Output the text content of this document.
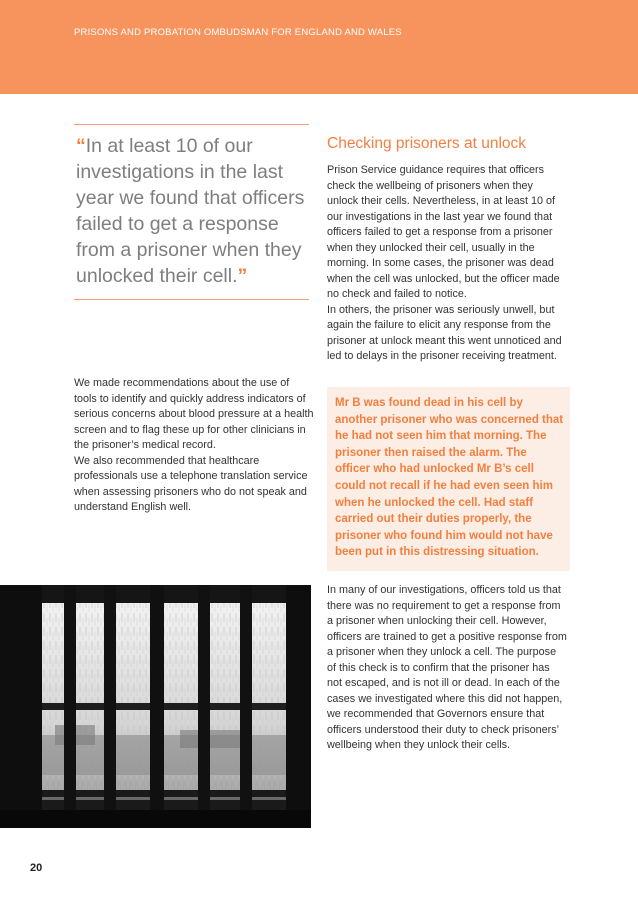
PRISONS AND PROBATION OMBUDSMAN FOR ENGLAND AND WALES
“In at least 10 of our investigations in the last year we found that officers failed to get a response from a prisoner when they unlocked their cell.”

We made recommendations about the use of tools to identify and quickly address indicators of serious concerns about blood pressure at a health screen and to flag these up for other clinicians in the prisoner’s medical record.

We also recommended that healthcare professionals use a telephone translation service when assessing prisoners who do not speak and understand English well.

Checking prisoners at unlock

Prison Service guidance requires that officers check the wellbeing of prisoners when they unlock their cells. Nevertheless, in at least 10 of our investigations in the last year we found that officers failed to get a response from a prisoner when they unlocked their cell, usually in the morning. In some cases, the prisoner was dead when the cell was unlocked, but the officer made no check and failed to notice.

In others, the prisoner was seriously unwell, but again the failure to elicit any response from the prisoner at unlock meant this went unnoticed and led to delays in the prisoner receiving treatment.

Mr B was found dead in his cell by another prisoner who was concerned that he had not seen him that morning. The prisoner then raised the alarm. The officer who had unlocked Mr B’s cell could not recall if he had even seen him when he unlocked the cell. Had staff carried out their duties properly, the prisoner who found him would not have been put in this distressing situation.

In many of our investigations, officers told us that there was no requirement to get a response from a prisoner when unlocking their cell. However, officers are trained to get a positive response from a prisoner when they unlock a cell. The purpose of this check is to confirm that the prisoner has not escaped, and is not ill or dead. In each of the cases we investigated where this did not happen, we recommended that Governors ensure that officers understood their duty to check prisoners’ wellbeing when they unlock their cells.

20
